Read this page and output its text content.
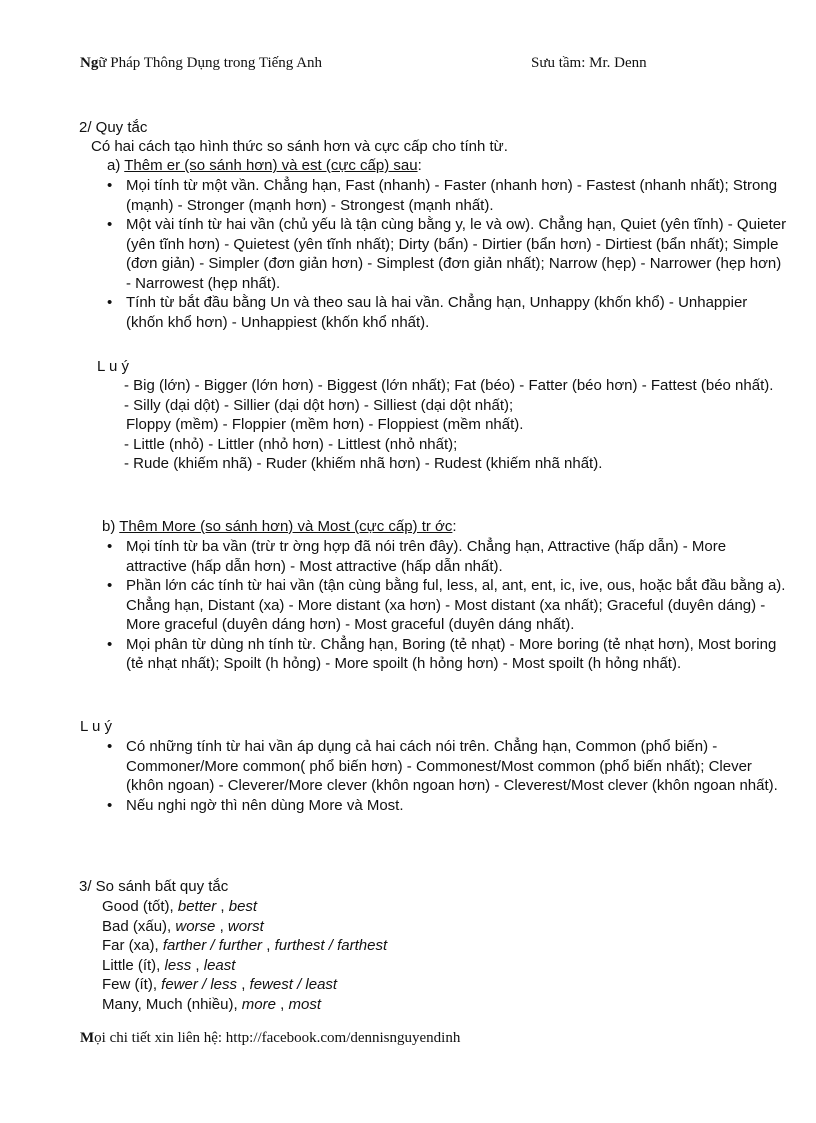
Ngữ Pháp Thông Dụng trong Tiếng Anh	Sưu tầm: Mr. Denn
2/ Quy tắc
Có hai cách tạo hình thức so sánh hơn và cực cấp cho tính từ.
a) Thêm er (so sánh hơn) và est (cực cấp) sau:
• Mọi tính từ một vần. Chẳng hạn, Fast (nhanh) - Faster (nhanh hơn) - Fastest (nhanh nhất); Strong (mạnh) - Stronger (mạnh hơn) - Strongest (mạnh nhất).
• Một vài tính từ hai vần (chủ yếu là tận cùng bằng y, le và ow). Chẳng hạn, Quiet (yên tĩnh) - Quieter (yên tĩnh hơn) - Quietest (yên tĩnh nhất); Dirty (bẩn) - Dirtier (bẩn hơn) - Dirtiest (bẩn nhất); Simple (đơn giản) - Simpler (đơn giản hơn) - Simplest (đơn giản nhất); Narrow (hẹp) - Narrower (hẹp hơn) - Narrowest (hẹp nhất).
• Tính từ bắt đầu bằng Un và theo sau là hai vần. Chẳng hạn, Unhappy (khốn khổ) - Unhappier (khốn khổ hơn) - Unhappiest (khốn khổ nhất).
L u ý
- Big (lớn) - Bigger (lớn hơn) - Biggest (lớn nhất); Fat (béo) - Fatter (béo hơn) - Fattest (béo nhất).
- Silly (dại dột) - Sillier (dại dột hơn) - Silliest (dại dột nhất);
Floppy (mềm) - Floppier (mềm hơn) - Floppiest (mềm nhất).
- Little (nhỏ) - Littler (nhỏ hơn) - Littlest (nhỏ nhất);
- Rude (khiếm nhã) - Ruder (khiếm nhã hơn) - Rudest (khiếm nhã nhất).
b) Thêm More (so sánh hơn) và Most (cực cấp) tr ớc:
• Mọi tính từ ba vần (trừ tr ờng hợp đã nói trên đây). Chẳng hạn, Attractive (hấp dẫn) - More attractive (hấp dẫn hơn) - Most attractive (hấp dẫn nhất).
• Phần lớn các tính từ hai vần (tận cùng bằng ful, less, al, ant, ent, ic, ive, ous, hoặc bắt đầu bằng a). Chẳng hạn, Distant (xa) - More distant (xa hơn) - Most distant (xa nhất); Graceful (duyên dáng) - More graceful (duyên dáng hơn) - Most graceful (duyên dáng nhất).
• Mọi phân từ dùng nh tính từ. Chẳng hạn, Boring (tẻ nhạt) - More boring (tẻ nhạt hơn), Most boring (tẻ nhạt nhất); Spoilt (h hỏng) - More spoilt (h hỏng hơn) - Most spoilt (h hỏng nhất).
L u ý
• Có những tính từ hai vần áp dụng cả hai cách nói trên. Chẳng hạn, Common (phổ biến) - Commoner/More common( phổ biến hơn) - Commonest/Most common (phổ biến nhất); Clever (khôn ngoan) - Cleverer/More clever (khôn ngoan hơn) - Cleverest/Most clever (khôn ngoan nhất).
• Nếu nghi ngờ thì nên dùng More và Most.
3/ So sánh bất quy tắc
Good (tốt), better , best
Bad (xấu), worse , worst
Far (xa), farther / further , furthest / farthest
Little (ít), less , least
Few (ít), fewer / less , fewest / least
Many, Much (nhiều), more , most
Mọi chi tiết xin liên hệ: http://facebook.com/dennisnguyendinh
